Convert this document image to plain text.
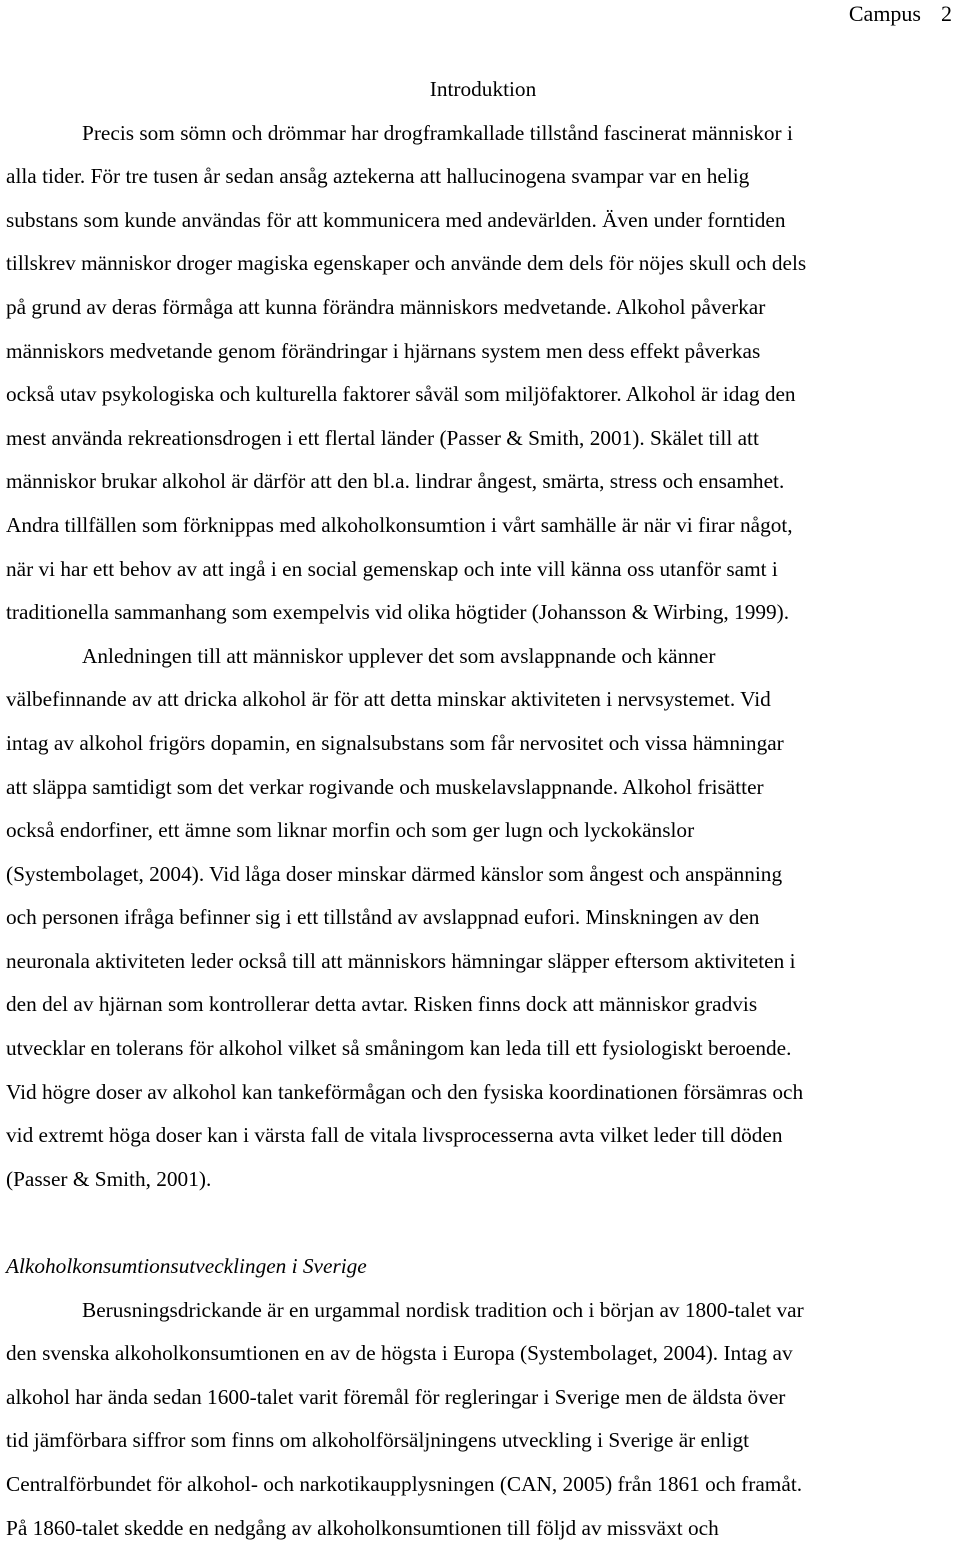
Campus 2
Introduktion

Precis som sömn och drömmar har drogframkallade tillstånd fascinerat människor i
alla tider. För tre tusen år sedan ansåg aztekerna att hallucinogena svampar var en helig
substans som kunde användas för att kommunicera med andevärlden. Även under forntiden
tillskrev människor droger magiska egenskaper och använde dem dels för nöjes skull och dels
på grund av deras förmåga att kunna förändra människors medvetande. Alkohol påverkar
människors medvetande genom förändringar i hjärnans system men dess effekt påverkas
också utav psykologiska och kulturella faktorer såväl som miljöfaktorer. Alkohol är idag den
mest använda rekreationsdrogen i ett flertal länder (Passer & Smith, 2001). Skälet till att
människor brukar alkohol är därför att den bl.a. lindrar ångest, smärta, stress och ensamhet.
Andra tillfällen som förknippas med alkoholkonsumtion i vårt samhälle är när vi firar något,
när vi har ett behov av att ingå i en social gemenskap och inte vill känna oss utanför samt i
traditionella sammanhang som exempelvis vid olika högtider (Johansson & Wirbing, 1999).

Anledningen till att människor upplever det som avslappnande och känner
välbefinnande av att dricka alkohol är för att detta minskar aktiviteten i nervsystemet. Vid
intag av alkohol frigörs dopamin, en signalsubstans som får nervositet och vissa hämningar
att släppa samtidigt som det verkar rogivande och muskelavslappnande. Alkohol frisätter
också endorfiner, ett ämne som liknar morfin och som ger lugn och lyckokänslor
(Systembolaget, 2004). Vid låga doser minskar därmed känslor som ångest och anspänning
och personen ifråga befinner sig i ett tillstånd av avslappnad eufori. Minskningen av den
neuronala aktiviteten leder också till att människors hämningar släpper eftersom aktiviteten i
den del av hjärnan som kontrollerar detta avtar. Risken finns dock att människor gradvis
utvecklar en tolerans för alkohol vilket så småningom kan leda till ett fysiologiskt beroende.
Vid högre doser av alkohol kan tankeförmågan och den fysiska koordinationen försämras och
vid extremt höga doser kan i värsta fall de vitala livsprocesserna avta vilket leder till döden
(Passer & Smith, 2001).

Alkoholkonsumtionsutvecklingen i Sverige

Berusningsdrickande är en urgammal nordisk tradition och i början av 1800-talet var
den svenska alkoholkonsumtionen en av de högsta i Europa (Systembolaget, 2004). Intag av
alkohol har ända sedan 1600-talet varit föremål för regleringar i Sverige men de äldsta över
tid jämförbara siffror som finns om alkoholförsäljningens utveckling i Sverige är enligt
Centralförbundet för alkohol- och narkotikaupplysningen (CAN, 2005) från 1861 och framåt.
På 1860-talet skedde en nedgång av alkoholkonsumtionen till följd av missväxt och
